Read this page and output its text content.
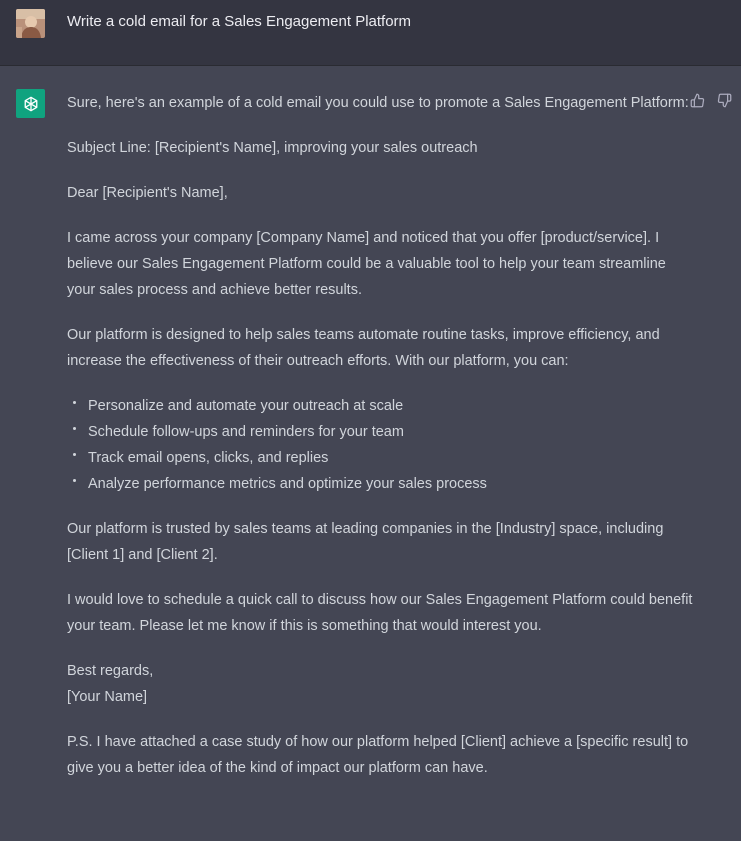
Write a cold email for a Sales Engagement Platform

Sure, here's an example of a cold email you could use to promote a Sales Engagement Platform:

Subject Line: [Recipient's Name], improving your sales outreach

Dear [Recipient's Name],

I came across your company [Company Name] and noticed that you offer [product/service]. I believe our Sales Engagement Platform could be a valuable tool to help your team streamline your sales process and achieve better results.

Our platform is designed to help sales teams automate routine tasks, improve efficiency, and increase the effectiveness of their outreach efforts. With our platform, you can:

Personalize and automate your outreach at scale
Schedule follow-ups and reminders for your team
Track email opens, clicks, and replies
Analyze performance metrics and optimize your sales process

Our platform is trusted by sales teams at leading companies in the [Industry] space, including [Client 1] and [Client 2].

I would love to schedule a quick call to discuss how our Sales Engagement Platform could benefit your team. Please let me know if this is something that would interest you.

Best regards,
[Your Name]

P.S. I have attached a case study of how our platform helped [Client] achieve a [specific result] to give you a better idea of the kind of impact our platform can have.
